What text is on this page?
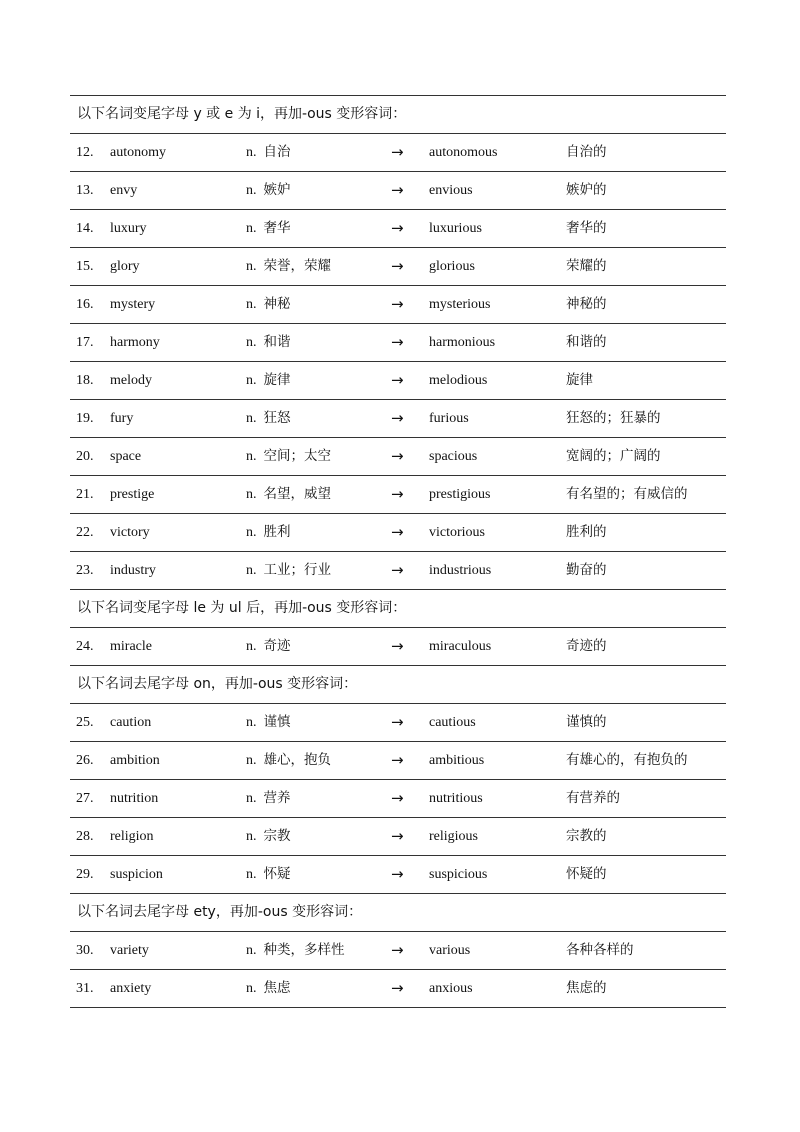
以下名词变尾字母 y 或 e 为 i，再加-ous 变形容词：
12. autonomy	n. 自治	→ autonomous	自治的
13. envy	n. 嫉妒	→ envious	嫉妒的
14. luxury	n. 奢华	→ luxurious	奢华的
15. glory	n. 荣誉，荣耀	→ glorious	荣耀的
16. mystery	n. 神秘	→ mysterious	神秘的
17. harmony	n. 和谐	→ harmonious	和谐的
18. melody	n. 旋律	→ melodious	旋律
19. fury	n. 狂怒	→ furious	狂怒的；狂暴的
20. space	n. 空间；太空	→ spacious	宽阔的；广阔的
21. prestige	n. 名望，威望	→ prestigious	有名望的；有威信的
22. victory	n. 胜利	→ victorious	胜利的
23. industry	n. 工业；行业	→ industrious	勤奋的
以下名词变尾字母 le 为 ul 后，再加-ous 变形容词：
24. miracle	n. 奇迹	→ miraculous	奇迹的
以下名词去尾字母 on，再加-ous 变形容词：
25. caution	n. 谨慎	→ cautious	谨慎的
26. ambition	n. 雄心，抱负	→ ambitious	有雄心的，有抱负的
27. nutrition	n. 营养	→ nutritious	有营养的
28. religion	n. 宗教	→ religious	宗教的
29. suspicion	n. 怀疑	→ suspicious	怀疑的
以下名词去尾字母 ety，再加-ous 变形容词：
30. variety	n. 种类，多样性	→ various	各种各样的
31. anxiety	n. 焦虑	→ anxious	焦虑的
